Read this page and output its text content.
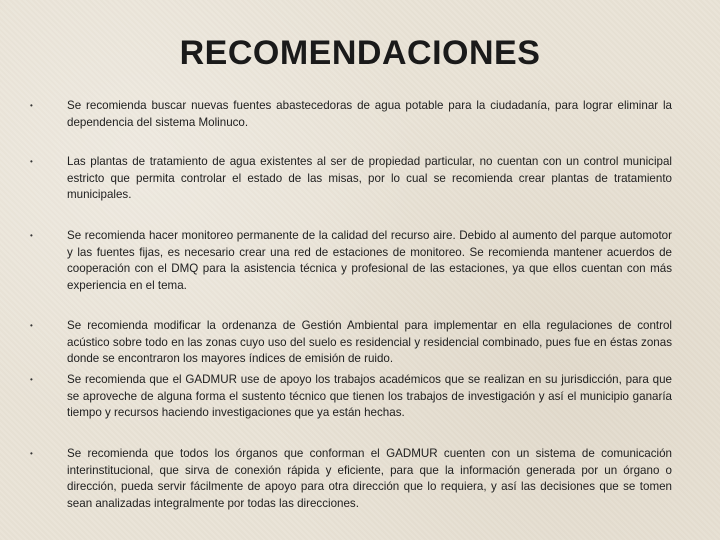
RECOMENDACIONES
•	Se recomienda buscar nuevas fuentes abastecedoras de agua potable para la ciudadanía, para lograr eliminar la dependencia del sistema Molinuco.
•	Las plantas de tratamiento de agua existentes al ser de propiedad particular, no cuentan con un control municipal estricto que permita controlar el estado de las misas, por lo cual se recomienda crear plantas de tratamiento municipales.
•	Se recomienda hacer monitoreo permanente de la calidad del recurso aire. Debido al aumento del parque automotor y las fuentes fijas, es necesario crear una red de estaciones de monitoreo. Se recomienda mantener acuerdos de cooperación con el DMQ para la asistencia técnica y profesional de las estaciones, ya que ellos cuentan con más experiencia en el tema.
•	Se recomienda modificar la ordenanza de Gestión Ambiental para implementar en ella regulaciones de control acústico sobre todo en las zonas cuyo uso del suelo es residencial y residencial combinado, pues fue en éstas zonas donde se encontraron los mayores índices de emisión de ruido.
•	Se recomienda que el GADMUR use de apoyo los trabajos académicos que se realizan en su jurisdicción, para que se aproveche de alguna forma el sustento técnico que tienen los trabajos de investigación y así el municipio ganaría tiempo y recursos haciendo investigaciones que ya están hechas.
•	Se recomienda que todos los órganos que conforman el GADMUR cuenten con un sistema de comunicación interinstitucional, que sirva de conexión rápida y eficiente, para que la información generada por un órgano o dirección, pueda servir fácilmente de apoyo para otra dirección que lo requiera, y así las decisiones que se tomen sean analizadas integralmente por todas las direcciones.
